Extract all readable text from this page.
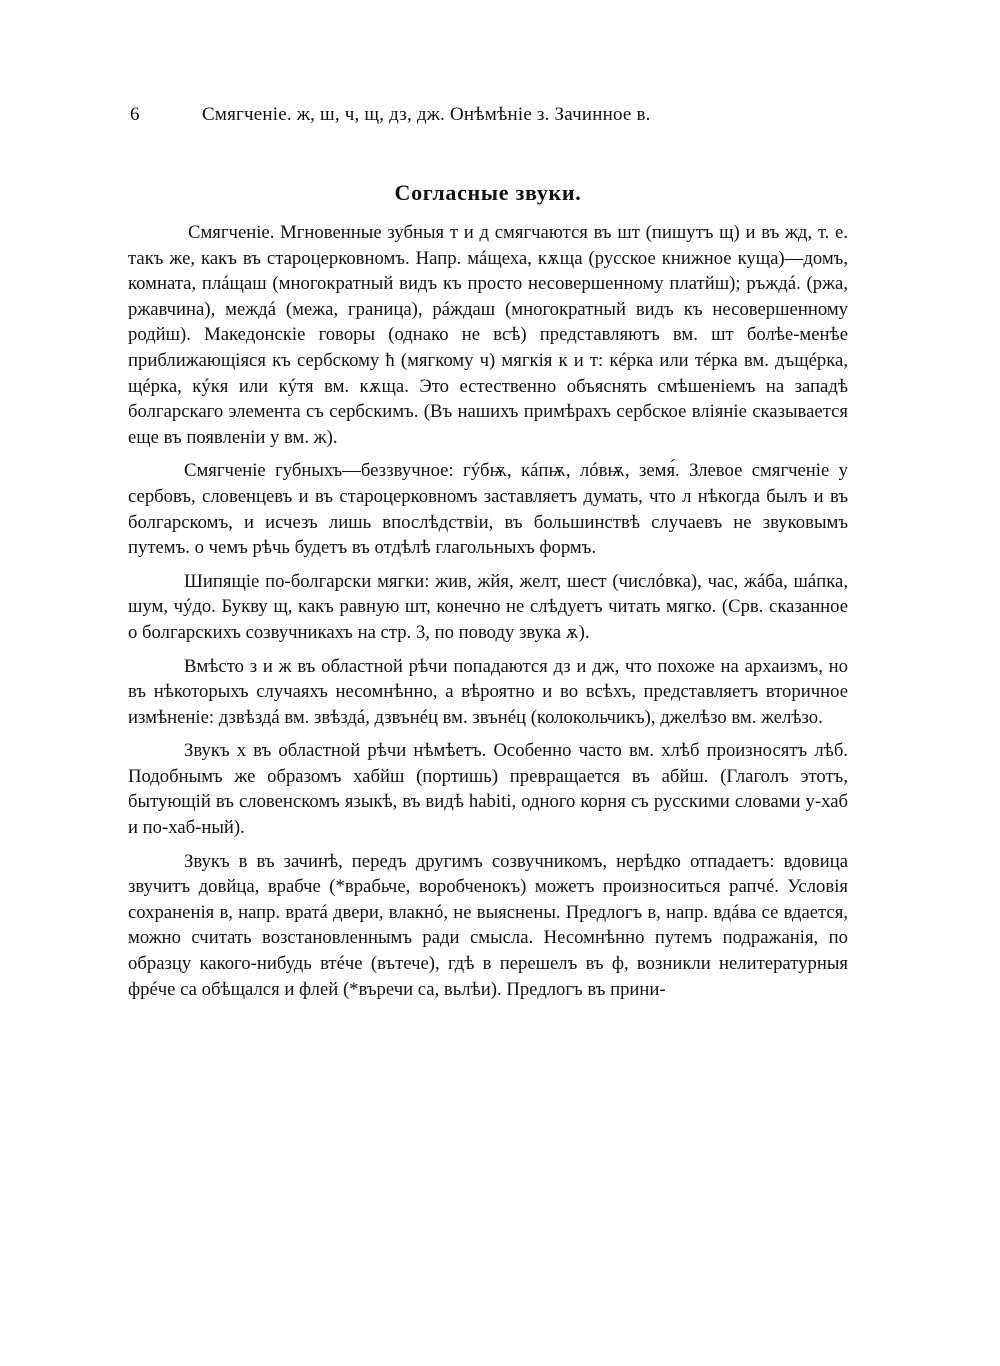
6	Смягченіе. ж, ш, ч, щ, дз, дж. Онѣмѣніе з. Зачинное в.
Согласные звуки.

Смягченіе. Мгновенные зубныя т и д смягчаются въ шт (пишутъ щ) и въ жд, т. е. такъ же, какъ въ староцерковномъ. Напр. мáщеха, кѫща (русское книжное куща)—домъ, комната, плáщаш (многократный видъ къ просто несовершенному платйш); ръждá. (ржа, ржавчина), междá (межа, граница), рáждаш (многократный видъ къ несовершенному родйш). Македонскіе говоры (однако не всѣ) представляютъ вм. шт болѣе-менѣе приближающіяся къ сербскому ћ (мягкому ч) мягкія к и т: кéрка или тéрка вм. дъщéрка, щéрка, кýкя или кýтя вм. кѫща. Это естественно объяснять смѣшеніемъ на западѣ болгарскаго элемента съ сербскимъ. (Въ нашихъ примѣрахъ сербское вліяніе сказывается еще въ появленіи у вм. ж).

Смягченіе губныхъ—беззвучное: гýбѭ, кáпѭ, лóвѭ, земя́. Злевое смягченіе у сербовъ, словенцевъ и въ староцерковномъ заставляетъ думать, что л нѣкогда былъ и въ болгарскомъ, и исчезъ лишь впослѣдствіи, въ большинствѣ случаевъ не звуковымъ путемъ. о чемъ рѣчь будетъ въ отдѣлѣ глагольныхъ формъ.

Шипящіе по-болгарски мягки: жив, жйя, желт, шест (числóвка), час, жáба, шáпка, шум, чýдо. Букву щ, какъ равную шт, конечно не слѣдуетъ читать мягко. (Срв. сказанное о болгарскихъ созвучникахъ на стр. 3, по поводу звука ѫ).

Вмѣсто з и ж въ областной рѣчи попадаются дз и дж, что похоже на архаизмъ, но въ нѣкоторыхъ случаяхъ несомнѣнно, а вѣроятно и во всѣхъ, представляетъ вторичное измѣненіе: дзвѣздá вм. звѣздá, дзвънéц вм. звънéц (колокольчикъ), джелѣзо вм. желѣзо.

Звукъ х въ областной рѣчи нѣмѣетъ. Особенно часто вм. хлѣб произносятъ лѣб. Подобнымъ же образомъ хабйш (портишь) превращается въ абйш. (Глаголъ этотъ, бытующій въ словенскомъ языкѣ, въ видѣ habiti, одного корня съ русскими словами у-хаб и по-хаб-ный).

Звукъ в въ зачинѣ, передъ другимъ созвучникомъ, нерѣдко отпадаетъ: вдовица звучитъ довйца, врабче (*врабьче, воробченокъ) можетъ произноситься рапчé. Условія сохраненія в, напр. вратá двери, влакнó, не выяснены. Предлогъ в, напр. вдáва се вдается, можно считать возстановленнымъ ради смысла. Несомнѣнно путемъ подражанія, по образцу какого-нибудь втéче (вътече), гдѣ в перешелъ въ ф, возникли нелитературныя фрéче са обѣщался и флей (*въречи са, вьлѣи). Предлогъ въ прини-
